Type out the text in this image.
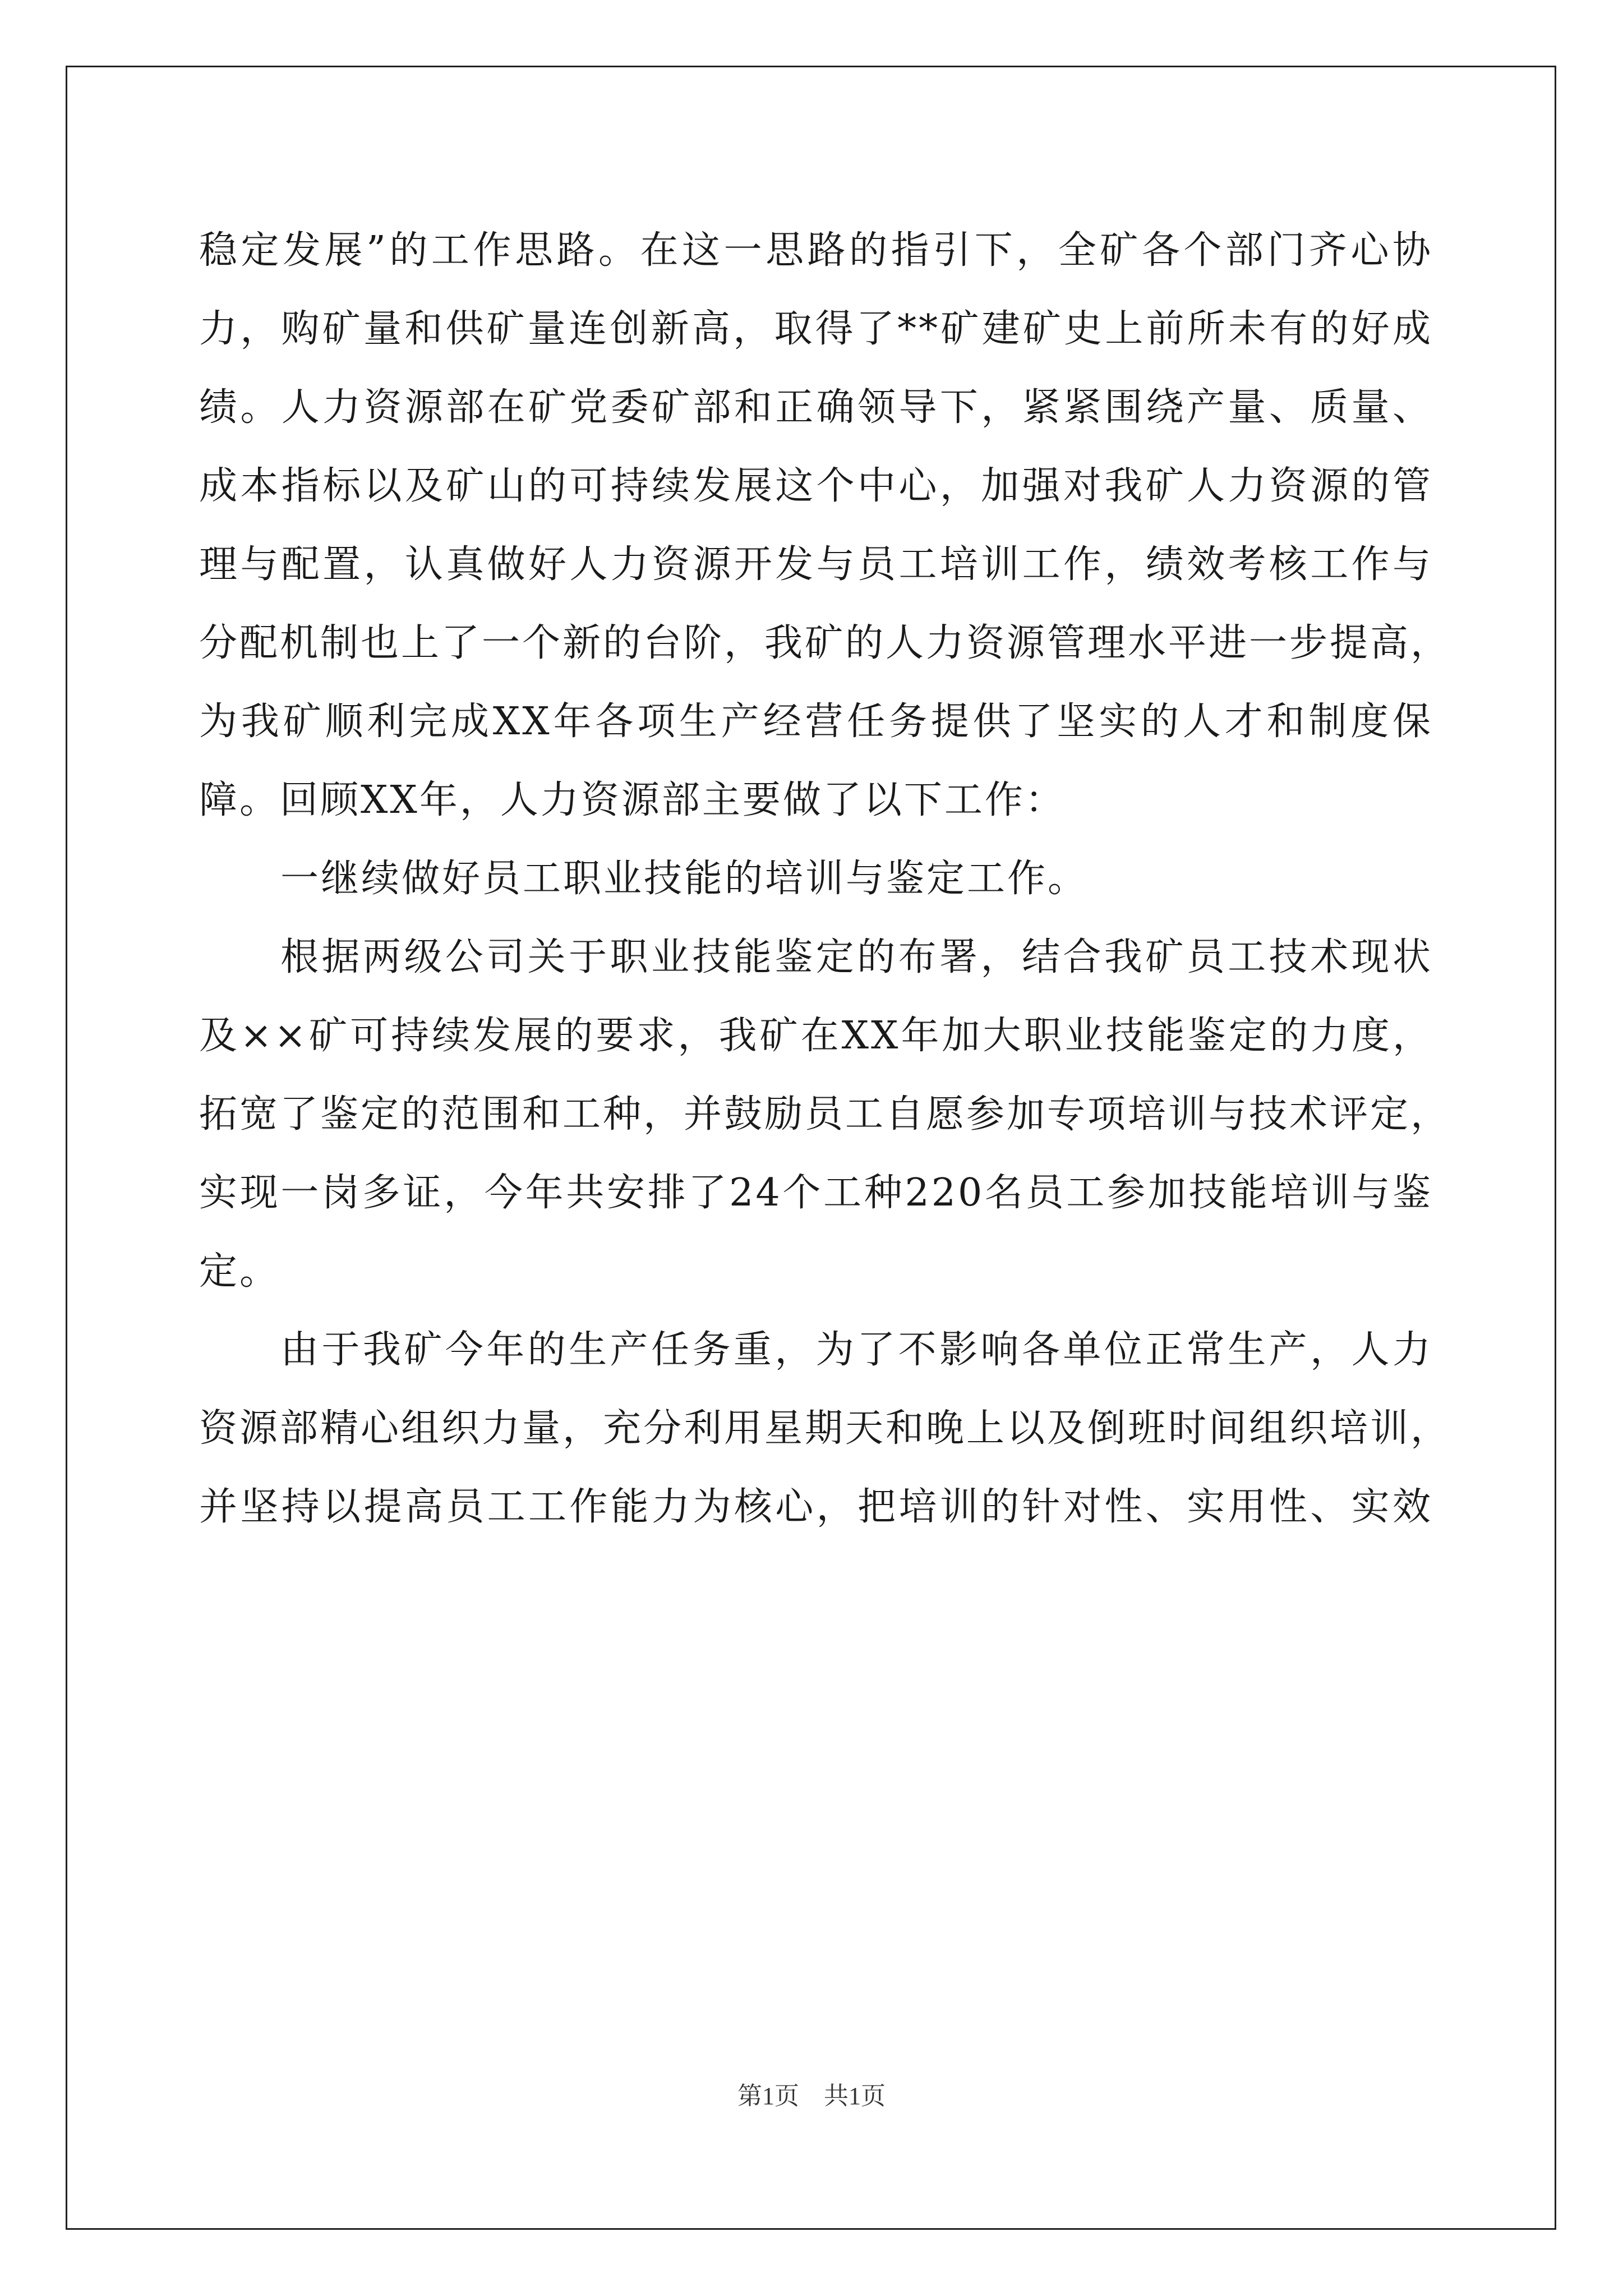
稳定发展”的工作思路。在这一思路的指引下，全矿各个部门齐心协
力，购矿量和供矿量连创新高，取得了**矿建矿史上前所未有的好成
绩。人力资源部在矿党委矿部和正确领导下，紧紧围绕产量、质量、
成本指标以及矿山的可持续发展这个中心，加强对我矿人力资源的管
理与配置，认真做好人力资源开发与员工培训工作，绩效考核工作与
分配机制也上了一个新的台阶，我矿的人力资源管理水平进一步提高，
为我矿顺利完成XX年各项生产经营任务提供了坚实的人才和制度保
障。回顾XX年，人力资源部主要做了以下工作：
一继续做好员工职业技能的培训与鉴定工作。
根据两级公司关于职业技能鉴定的布署，结合我矿员工技术现状
及××矿可持续发展的要求，我矿在XX年加大职业技能鉴定的力度，
拓宽了鉴定的范围和工种，并鼓励员工自愿参加专项培训与技术评定，
实现一岗多证，今年共安排了24个工种220名员工参加技能培训与鉴
定。
由于我矿今年的生产任务重，为了不影响各单位正常生产，人力
资源部精心组织力量，充分利用星期天和晚上以及倒班时间组织培训，
并坚持以提高员工工作能力为核心，把培训的针对性、实用性、实效
第1页　共1页
